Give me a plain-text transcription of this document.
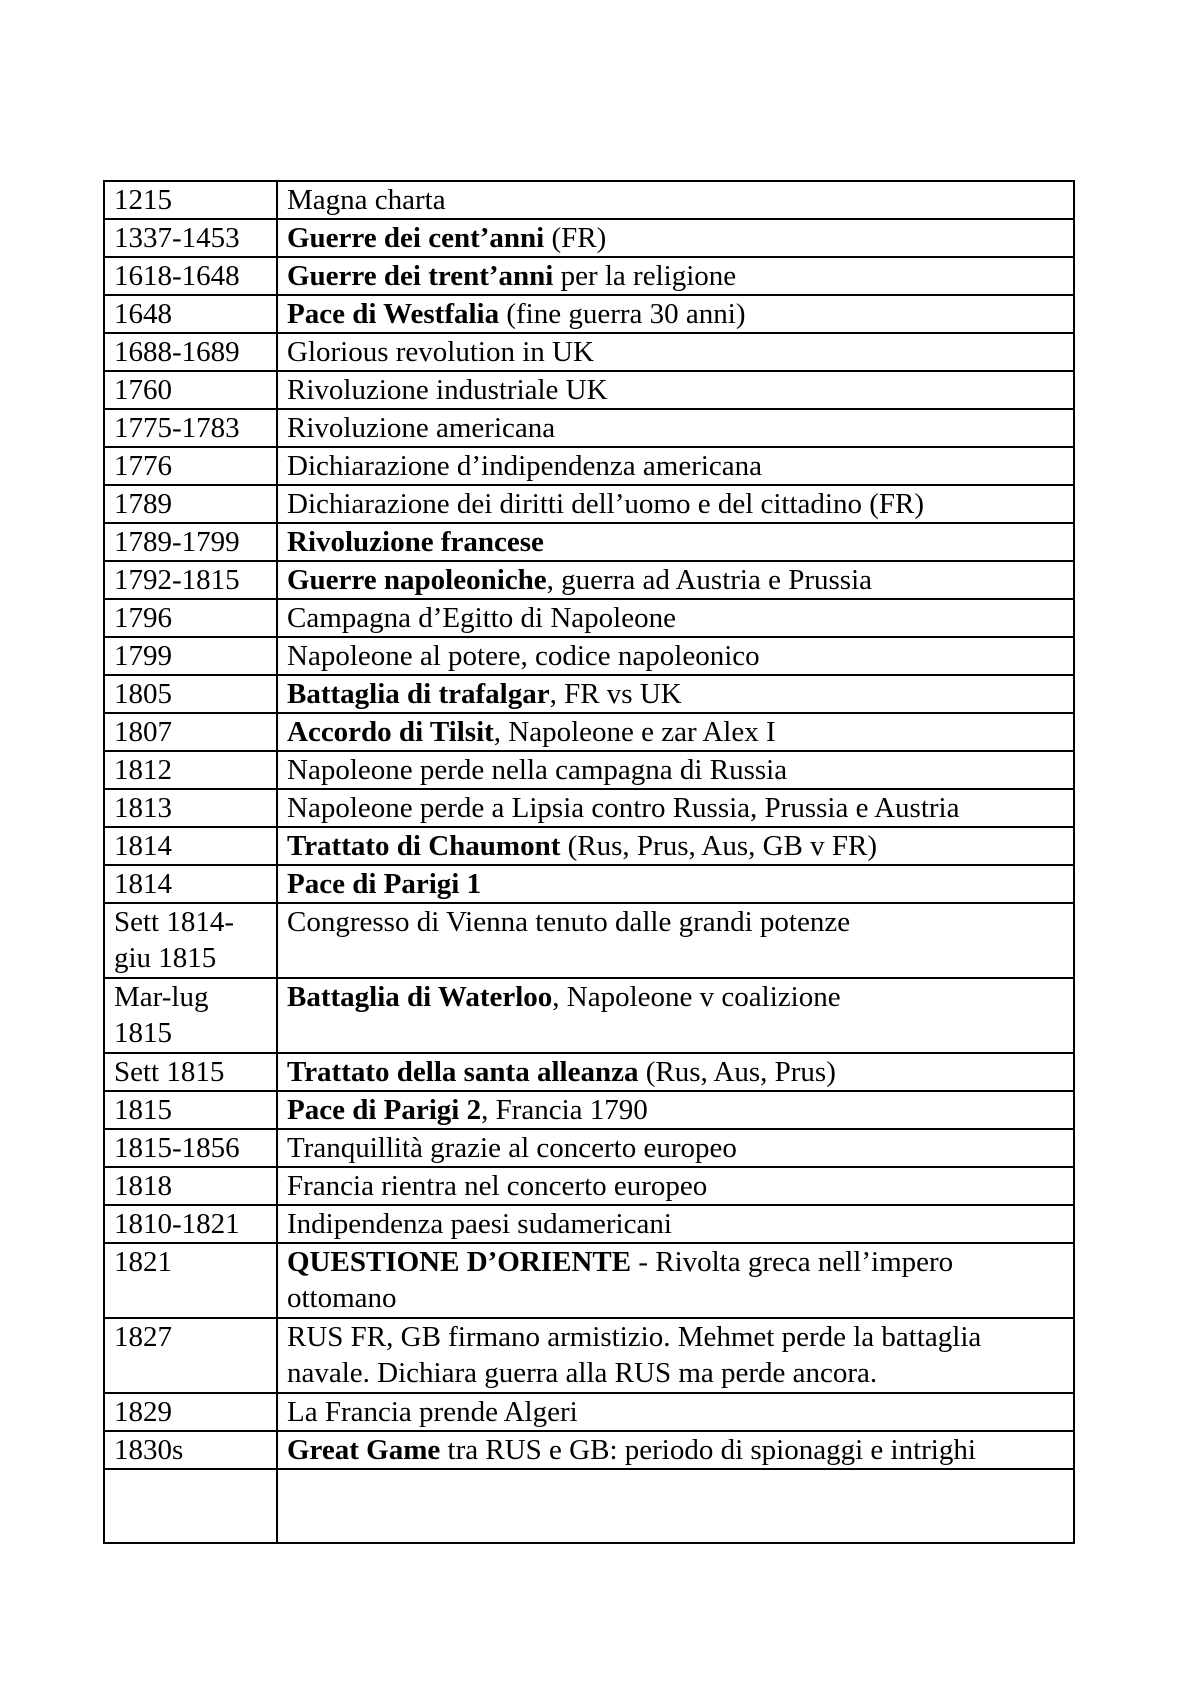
1215	Magna charta
1337-1453	Guerre dei cent’anni (FR)
1618-1648	Guerre dei trent’anni per la religione
1648	Pace di Westfalia (fine guerra 30 anni)
1688-1689	Glorious revolution in UK
1760	Rivoluzione industriale UK
1775-1783	Rivoluzione americana
1776	Dichiarazione d’indipendenza americana
1789	Dichiarazione dei diritti dell’uomo e del cittadino (FR)
1789-1799	Rivoluzione francese
1792-1815	Guerre napoleoniche, guerra ad Austria e Prussia
1796	Campagna d’Egitto di Napoleone
1799	Napoleone al potere, codice napoleonico
1805	Battaglia di trafalgar, FR vs UK
1807	Accordo di Tilsit, Napoleone e zar Alex I
1812	Napoleone perde nella campagna di Russia
1813	Napoleone perde a Lipsia contro Russia, Prussia e Austria
1814	Trattato di Chaumont (Rus, Prus, Aus, GB v FR)
1814	Pace di Parigi 1
Sett 1814-giu 1815	Congresso di Vienna tenuto dalle grandi potenze
Mar-lug 1815	Battaglia di Waterloo, Napoleone v coalizione
Sett 1815	Trattato della santa alleanza (Rus, Aus, Prus)
1815	Pace di Parigi 2, Francia 1790
1815-1856	Tranquillità grazie al concerto europeo
1818	Francia rientra nel concerto europeo
1810-1821	Indipendenza paesi sudamericani
1821	QUESTIONE D’ORIENTE - Rivolta greca nell’impero ottomano
1827	RUS FR, GB firmano armistizio. Mehmet perde la battaglia navale. Dichiara guerra alla RUS ma perde ancora.
1829	La Francia prende Algeri
1830s	Great Game tra RUS e GB: periodo di spionaggi e intrighi
